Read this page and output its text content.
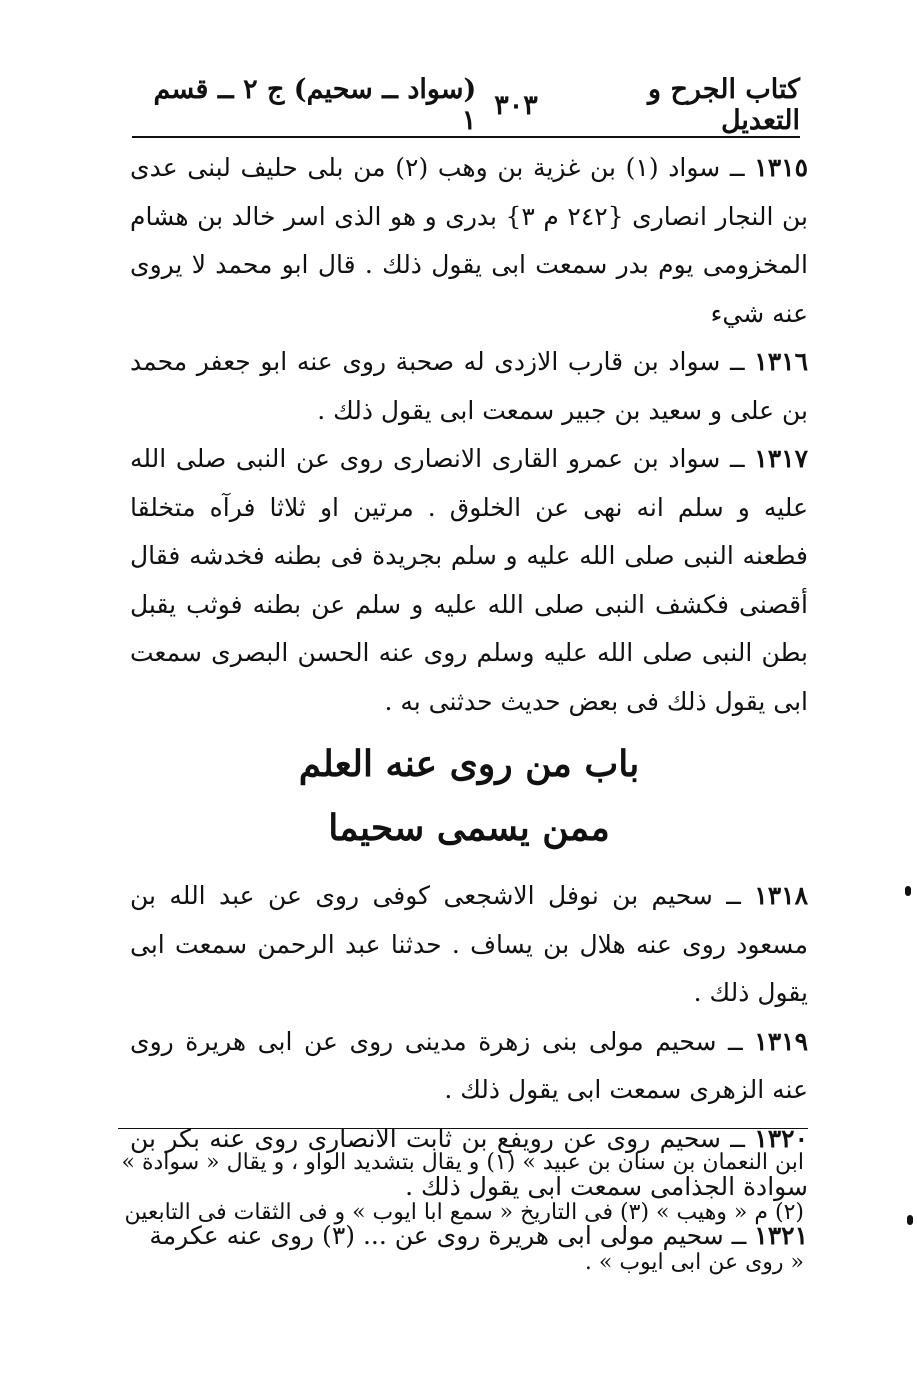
كتاب الجرح و التعديل
٣٠٣
(سواد ــ سحيم) ج ٢ ــ قسم ١

١٣١٥ ــ سواد (١) بن غزية بن وهب (٢) من بلى حليف لبنى عدى بن النجار انصارى {٢٤٢ م ٣} بدرى و هو الذى اسر خالد بن هشام المخزومى يوم بدر سمعت ابى يقول ذلك . قال ابو محمد لا يروى عنه شيء

١٣١٦ ــ سواد بن قارب الازدى له صحبة روى عنه ابو جعفر محمد بن على و سعيد بن جبير سمعت ابى يقول ذلك .

١٣١٧ ــ سواد بن عمرو القارى الانصارى روى عن النبى صلى الله عليه و سلم انه نهى عن الخلوق . مرتين او ثلاثا فرآه متخلقا فطعنه النبى صلى الله عليه و سلم بجريدة فى بطنه فخدشه فقال أقصنى فكشف النبى صلى الله عليه و سلم عن بطنه فوثب يقبل بطن النبى صلى الله عليه وسلم روى عنه الحسن البصرى سمعت ابى يقول ذلك فى بعض حديث حدثنى به .

باب من روى عنه العلم
ممن يسمى سحيما

١٣١٨ ــ سحيم بن نوفل الاشجعى كوفى روى عن عبد الله بن مسعود روى عنه هلال بن يساف . حدثنا عبد الرحمن سمعت ابى يقول ذلك .

١٣١٩ ــ سحيم مولى بنى زهرة مدينى روى عن ابى هريرة روى عنه الزهرى سمعت ابى يقول ذلك .

١٣٢٠ ــ سحيم روى عن رويفع بن ثابت الانصارى روى عنه بكر بن سوادة الجذامى سمعت ابى يقول ذلك .

١٣٢١ ــ سحيم مولى ابى هريرة روى عن ... (٣) روى عنه عكرمة

ابن النعمان بن سنان بن عبيد » (١) و يقال بتشديد الواو ، و يقال « سوادة »

(٢) م « وهيب » (٣) فى التاريخ « سمع ابا ايوب » و فى الثقات فى التابعين

« روى عن ابى ايوب » .
